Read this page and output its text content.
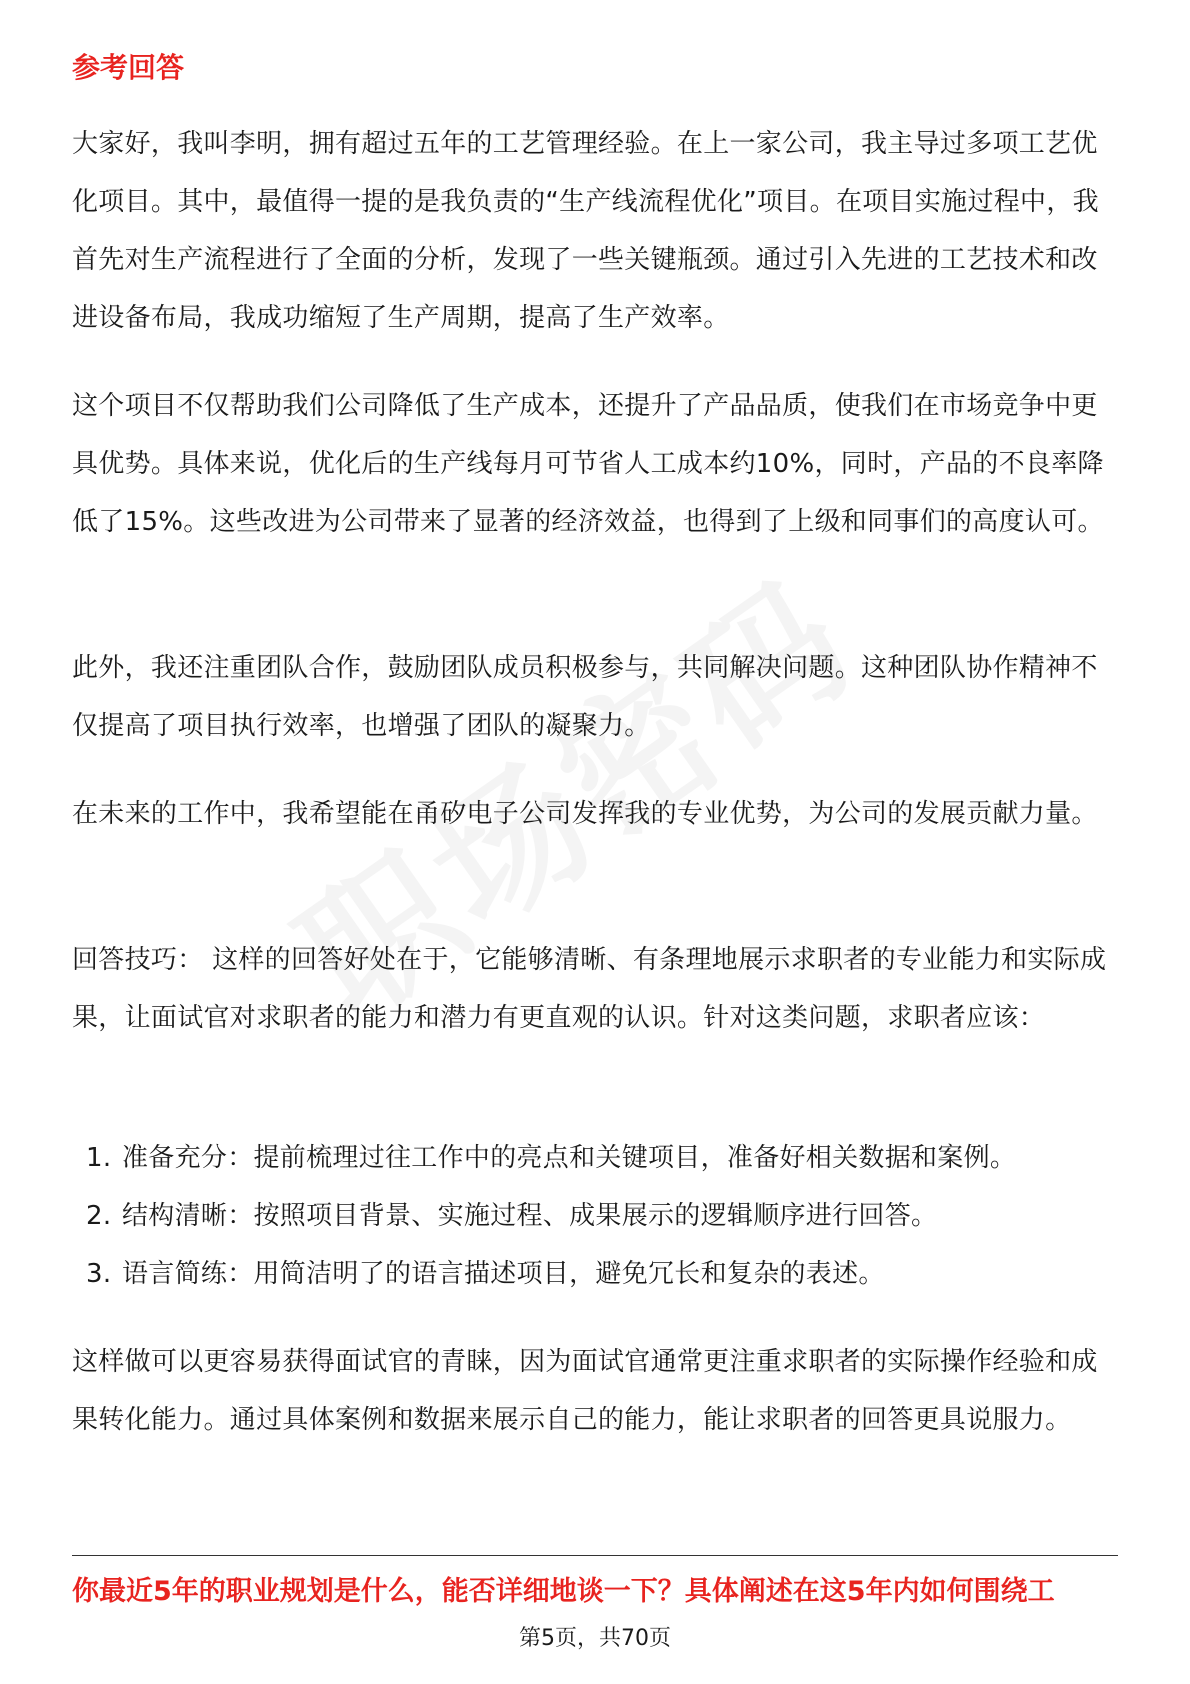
参考回答

大家好，我叫李明，拥有超过五年的工艺管理经验。在上一家公司，我主导过多项工艺优化项目。其中，最值得一提的是我负责的“生产线流程优化”项目。在项目实施过程中，我首先对生产流程进行了全面的分析，发现了一些关键瓶颈。通过引入先进的工艺技术和改进设备布局，我成功缩短了生产周期，提高了生产效率。

这个项目不仅帮助我们公司降低了生产成本，还提升了产品品质，使我们在市场竞争中更具优势。具体来说，优化后的生产线每月可节省人工成本约10%，同时，产品的不良率降低了15%。这些改进为公司带来了显著的经济效益，也得到了上级和同事们的高度认可。

此外，我还注重团队合作，鼓励团队成员积极参与，共同解决问题。这种团队协作精神不仅提高了项目执行效率，也增强了团队的凝聚力。

在未来的工作中，我希望能在甬矽电子公司发挥我的专业优势，为公司的发展贡献力量。

回答技巧： 这样的回答好处在于，它能够清晰、有条理地展示求职者的专业能力和实际成果，让面试官对求职者的能力和潜力有更直观的认识。针对这类问题，求职者应该：

1. 准备充分：提前梳理过往工作中的亮点和关键项目，准备好相关数据和案例。
2. 结构清晰：按照项目背景、实施过程、成果展示的逻辑顺序进行回答。
3. 语言简练：用简洁明了的语言描述项目，避免冗长和复杂的表述。

这样做可以更容易获得面试官的青睐，因为面试官通常更注重求职者的实际操作经验和成果转化能力。通过具体案例和数据来展示自己的能力，能让求职者的回答更具说服力。

你最近5年的职业规划是什么，能否详细地谈一下？具体阐述在这5年内如何围绕工

第5页，共70页
